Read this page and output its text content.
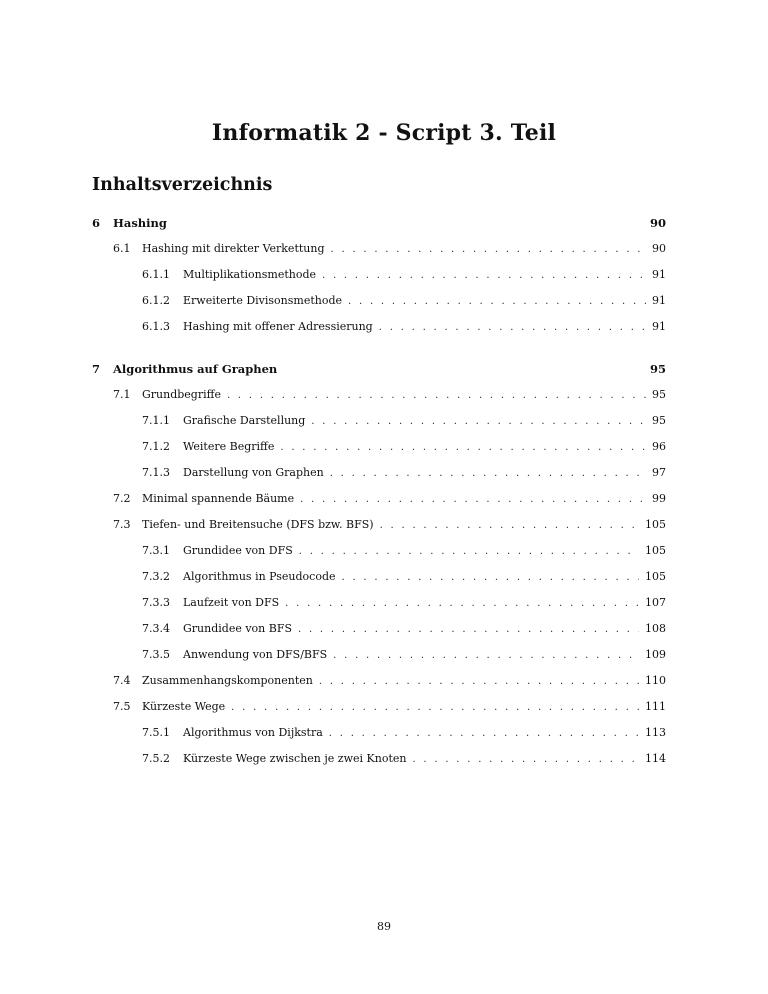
Informatik 2 - Script 3. Teil
Inhaltsverzeichnis
6 Hashing	90
6.1 Hashing mit direkter Verkettung . . .	90
6.1.1 Multiplikationsmethode . . .	91
6.1.2 Erweiterte Divisonsmethode . . .	91
6.1.3 Hashing mit offener Adressierung . . .	91
7 Algorithmus auf Graphen	95
7.1 Grundbegriffe . . .	95
7.1.1 Grafische Darstellung . . .	95
7.1.2 Weitere Begriffe . . .	96
7.1.3 Darstellung von Graphen . . .	97
7.2 Minimal spannende Bäume . . .	99
7.3 Tiefen- und Breitensuche (DFS bzw. BFS) . . .	105
7.3.1 Grundidee von DFS . . .	105
7.3.2 Algorithmus in Pseudocode . . .	105
7.3.3 Laufzeit von DFS . . .	107
7.3.4 Grundidee von BFS . . .	108
7.3.5 Anwendung von DFS/BFS . . .	109
7.4 Zusammenhangskomponenten . . .	110
7.5 Kürzeste Wege . . .	111
7.5.1 Algorithmus von Dijkstra . . .	113
7.5.2 Kürzeste Wege zwischen je zwei Knoten . . .	114
89
